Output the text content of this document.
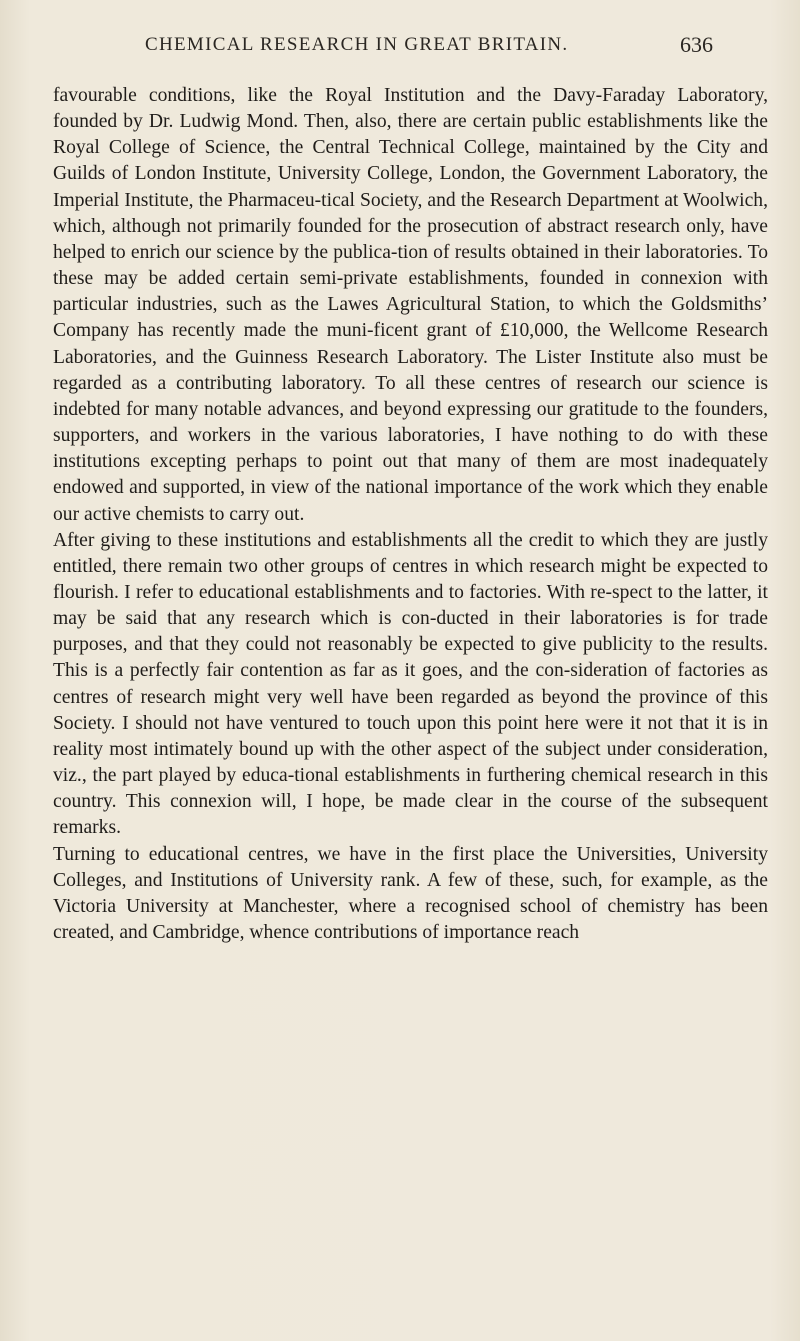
CHEMICAL RESEARCH IN GREAT BRITAIN.	636

favourable conditions, like the Royal Institution and the Davy-Faraday Laboratory, founded by Dr. Ludwig Mond. Then, also, there are certain public establishments like the Royal College of Science, the Central Technical College, maintained by the City and Guilds of London Institute, University College, London, the Government Laboratory, the Imperial Institute, the Pharmaceu-tical Society, and the Research Department at Woolwich, which, although not primarily founded for the prosecution of abstract research only, have helped to enrich our science by the publica-tion of results obtained in their laboratories. To these may be added certain semi-private establishments, founded in connexion with particular industries, such as the Lawes Agricultural Station, to which the Goldsmiths’ Company has recently made the muni-ficent grant of £10,000, the Wellcome Research Laboratories, and the Guinness Research Laboratory. The Lister Institute also must be regarded as a contributing laboratory. To all these centres of research our science is indebted for many notable advances, and beyond expressing our gratitude to the founders, supporters, and workers in the various laboratories, I have nothing to do with these institutions excepting perhaps to point out that many of them are most inadequately endowed and supported, in view of the national importance of the work which they enable our active chemists to carry out.

After giving to these institutions and establishments all the credit to which they are justly entitled, there remain two other groups of centres in which research might be expected to flourish. I refer to educational establishments and to factories. With re-spect to the latter, it may be said that any research which is con-ducted in their laboratories is for trade purposes, and that they could not reasonably be expected to give publicity to the results. This is a perfectly fair contention as far as it goes, and the con-sideration of factories as centres of research might very well have been regarded as beyond the province of this Society. I should not have ventured to touch upon this point here were it not that it is in reality most intimately bound up with the other aspect of the subject under consideration, viz., the part played by educa-tional establishments in furthering chemical research in this country. This connexion will, I hope, be made clear in the course of the subsequent remarks.

Turning to educational centres, we have in the first place the Universities, University Colleges, and Institutions of University rank. A few of these, such, for example, as the Victoria University at Manchester, where a recognised school of chemistry has been created, and Cambridge, whence contributions of importance reach
